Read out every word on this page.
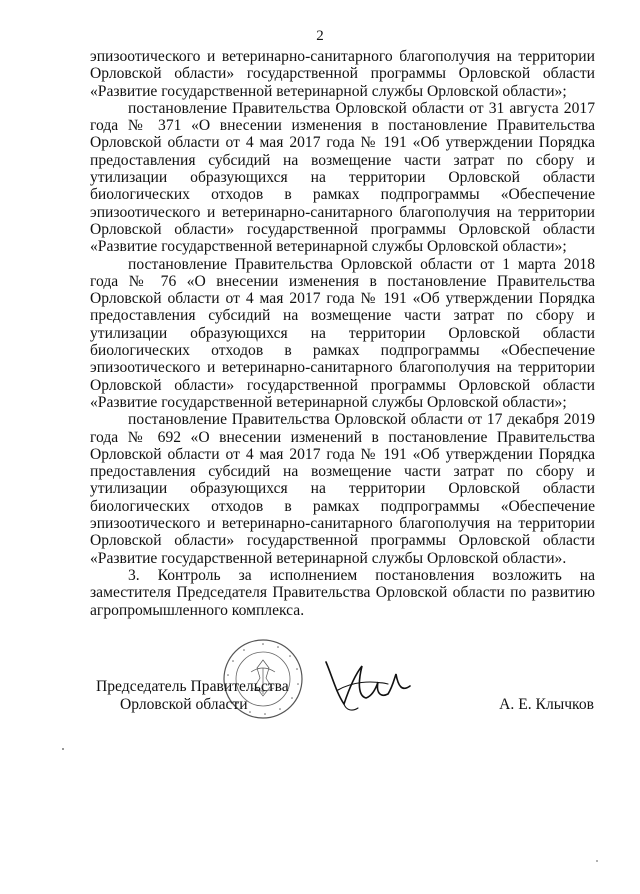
2

эпизоотического и ветеринарно-санитарного благополучия на территории Орловской области» государственной программы Орловской области «Развитие государственной ветеринарной службы Орловской области»;

постановление Правительства Орловской области от 31 августа 2017 года № 371 «О внесении изменения в постановление Правительства Орловской области от 4 мая 2017 года № 191 «Об утверждении Порядка предоставления субсидий на возмещение части затрат по сбору и утилизации образующихся на территории Орловской области биологических отходов в рамках подпрограммы «Обеспечение эпизоотического и ветеринарно-санитарного благополучия на территории Орловской области» государственной программы Орловской области «Развитие государственной ветеринарной службы Орловской области»;

постановление Правительства Орловской области от 1 марта 2018 года № 76 «О внесении изменения в постановление Правительства Орловской области от 4 мая 2017 года № 191 «Об утверждении Порядка предоставления субсидий на возмещение части затрат по сбору и утилизации образующихся на территории Орловской области биологических отходов в рамках подпрограммы «Обеспечение эпизоотического и ветеринарно-санитарного благополучия на территории Орловской области» государственной программы Орловской области «Развитие государственной ветеринарной службы Орловской области»;

постановление Правительства Орловской области от 17 декабря 2019 года № 692 «О внесении изменений в постановление Правительства Орловской области от 4 мая 2017 года № 191 «Об утверждении Порядка предоставления субсидий на возмещение части затрат по сбору и утилизации образующихся на территории Орловской области биологических отходов в рамках подпрограммы «Обеспечение эпизоотического и ветеринарно-санитарного благополучия на территории Орловской области» государственной программы Орловской области «Развитие государственной ветеринарной службы Орловской области».

3. Контроль за исполнением постановления возложить на заместителя Председателя Правительства Орловской области по развитию агропромышленного комплекса.

Председатель Правительства
Орловской области	А. Е. Клычков
